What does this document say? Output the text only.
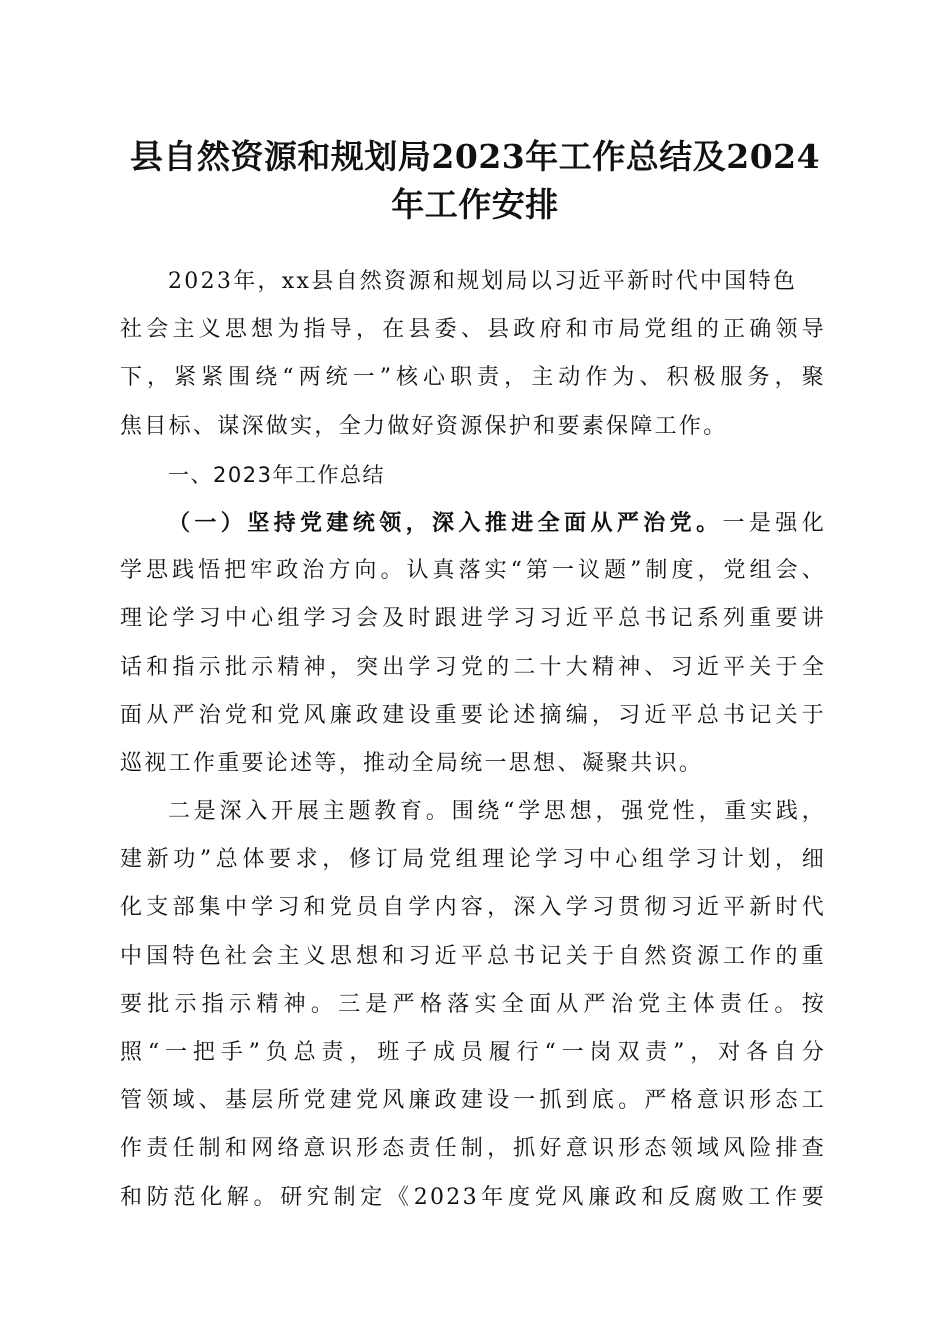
县自然资源和规划局2023年工作总结及2024
年工作安排
2023年，xx县自然资源和规划局以习近平新时代中国特色
社会主义思想为指导，在县委、县政府和市局党组的正确领导
下，紧紧围绕“两统一”核心职责，主动作为、积极服务，聚
焦目标、谋深做实，全力做好资源保护和要素保障工作。
一、2023年工作总结
（一）坚持党建统领，深入推进全面从严治党。一是强化
学思践悟把牢政治方向。认真落实“第一议题”制度，党组会、
理论学习中心组学习会及时跟进学习习近平总书记系列重要讲
话和指示批示精神，突出学习党的二十大精神、习近平关于全
面从严治党和党风廉政建设重要论述摘编，习近平总书记关于
巡视工作重要论述等，推动全局统一思想、凝聚共识。
二是深入开展主题教育。围绕“学思想，强党性，重实践，
建新功”总体要求，修订局党组理论学习中心组学习计划，细
化支部集中学习和党员自学内容，深入学习贯彻习近平新时代
中国特色社会主义思想和习近平总书记关于自然资源工作的重
要批示指示精神。三是严格落实全面从严治党主体责任。按
照“一把手”负总责，班子成员履行“一岗双责”，对各自分
管领域、基层所党建党风廉政建设一抓到底。严格意识形态工
作责任制和网络意识形态责任制，抓好意识形态领域风险排查
和防范化解。研究制定《2023年度党风廉政和反腐败工作要
